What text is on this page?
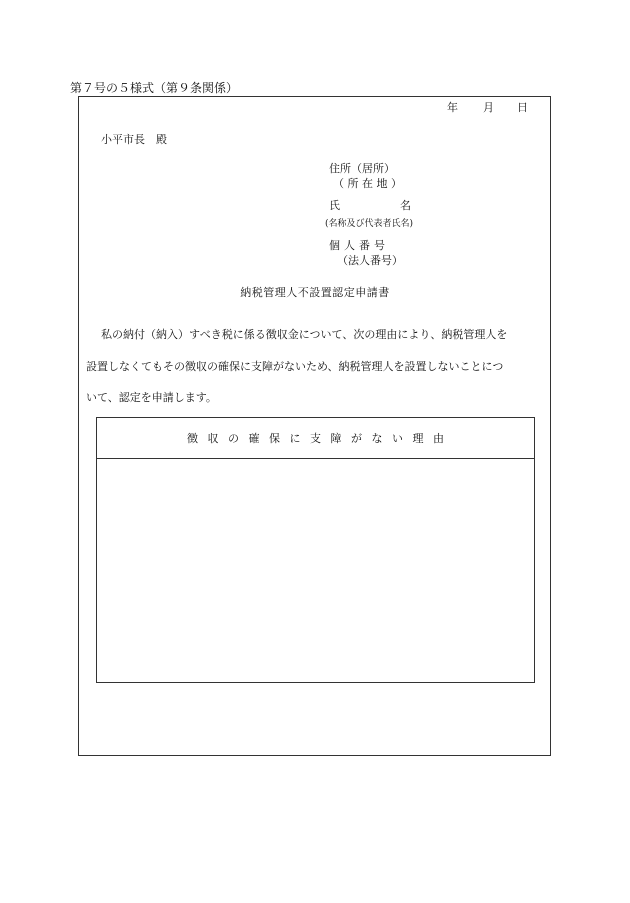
第７号の５様式（第９条関係）
年 月 日
小平市長　殿
住所（居所）
（ 所 在 地 ）
氏	名
(名称及び代表者氏名)
個人番号
（法人番号）
納税管理人不設置認定申請書
私の納付（納入）すべき税に係る徴収金について、次の理由により、納税管理人を
設置しなくてもその徴収の確保に支障がないため、納税管理人を設置しないことにつ
いて、認定を申請します。
徴収の確保に支障がない理由
